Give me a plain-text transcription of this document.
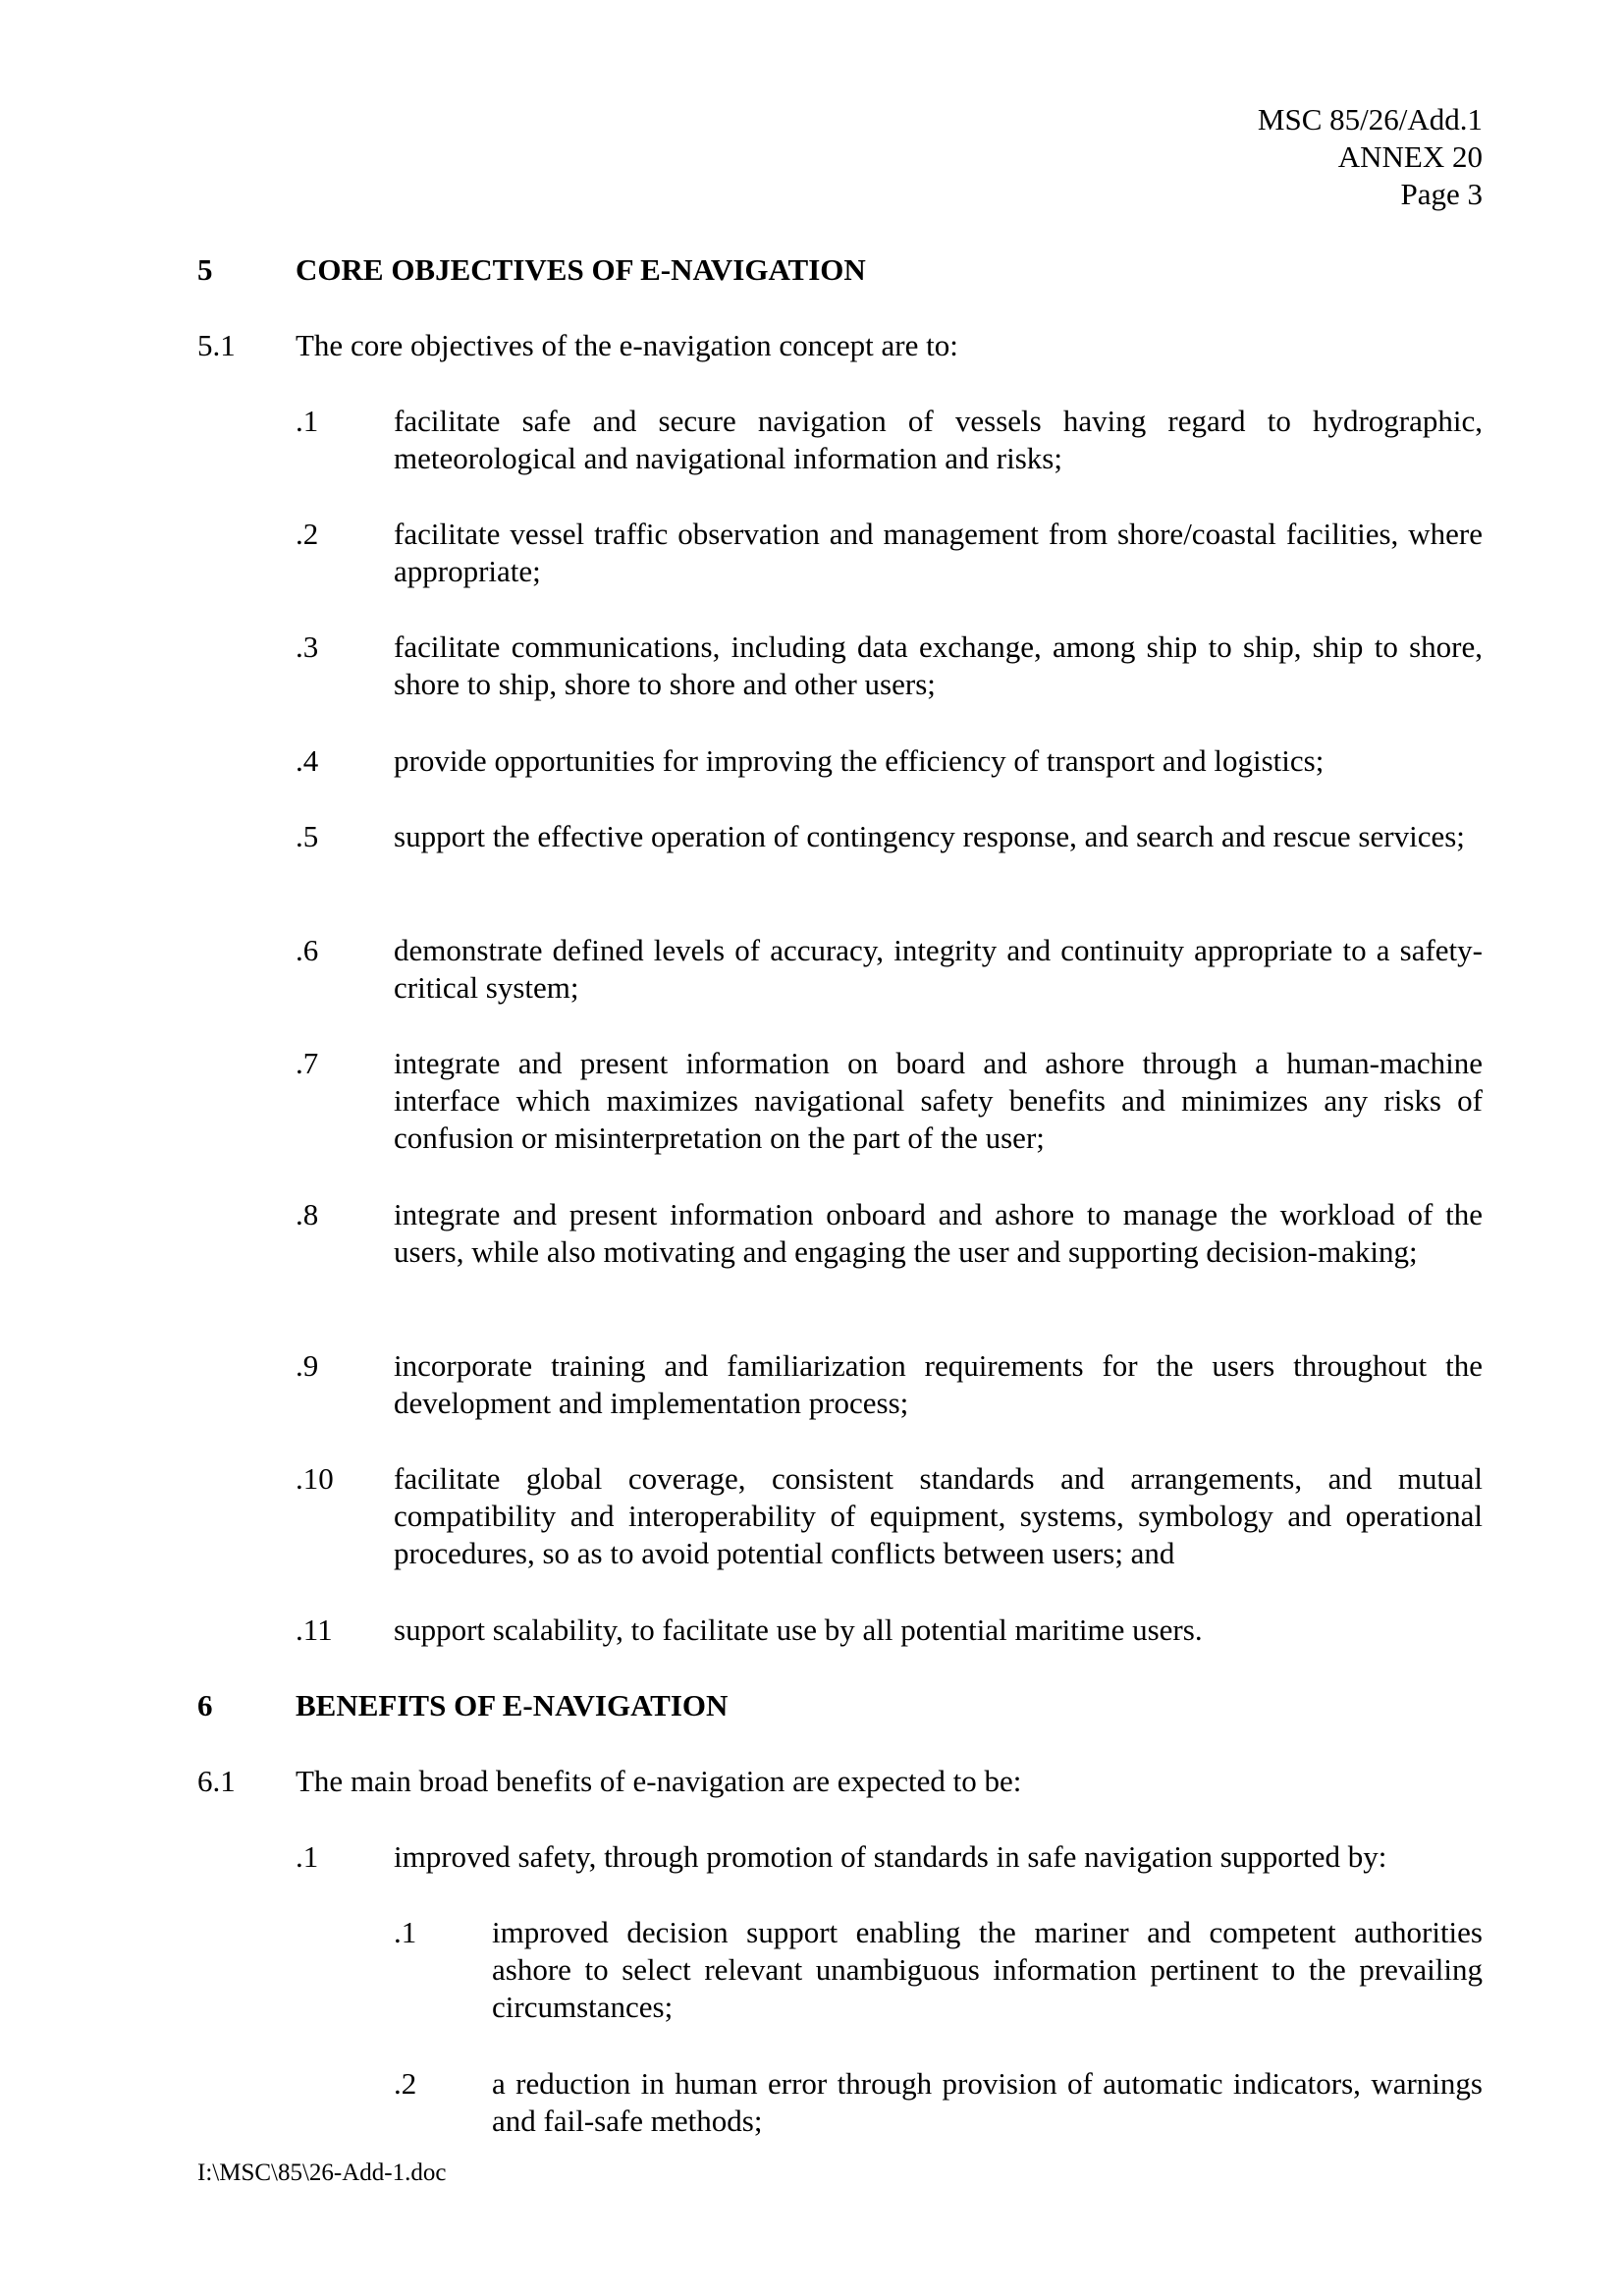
MSC 85/26/Add.1
ANNEX 20
Page 3
5	CORE OBJECTIVES OF E-NAVIGATION
5.1 The core objectives of the e-navigation concept are to:
.1 facilitate safe and secure navigation of vessels having regard to hydrographic, meteorological and navigational information and risks;
.2 facilitate vessel traffic observation and management from shore/coastal facilities, where appropriate;
.3 facilitate communications, including data exchange, among ship to ship, ship to shore, shore to ship, shore to shore and other users;
.4 provide opportunities for improving the efficiency of transport and logistics;
.5 support the effective operation of contingency response, and search and rescue services;
.6 demonstrate defined levels of accuracy, integrity and continuity appropriate to a safety-critical system;
.7 integrate and present information on board and ashore through a human-machine interface which maximizes navigational safety benefits and minimizes any risks of confusion or misinterpretation on the part of the user;
.8 integrate and present information onboard and ashore to manage the workload of the users, while also motivating and engaging the user and supporting decision-making;
.9 incorporate training and familiarization requirements for the users throughout the development and implementation process;
.10 facilitate global coverage, consistent standards and arrangements, and mutual compatibility and interoperability of equipment, systems, symbology and operational procedures, so as to avoid potential conflicts between users; and
.11 support scalability, to facilitate use by all potential maritime users.
6	BENEFITS OF E-NAVIGATION
6.1 The main broad benefits of e-navigation are expected to be:
.1 improved safety, through promotion of standards in safe navigation supported by:
.1 improved decision support enabling the mariner and competent authorities ashore to select relevant unambiguous information pertinent to the prevailing circumstances;
.2 a reduction in human error through provision of automatic indicators, warnings and fail-safe methods;
I:\MSC\85\26-Add-1.doc
